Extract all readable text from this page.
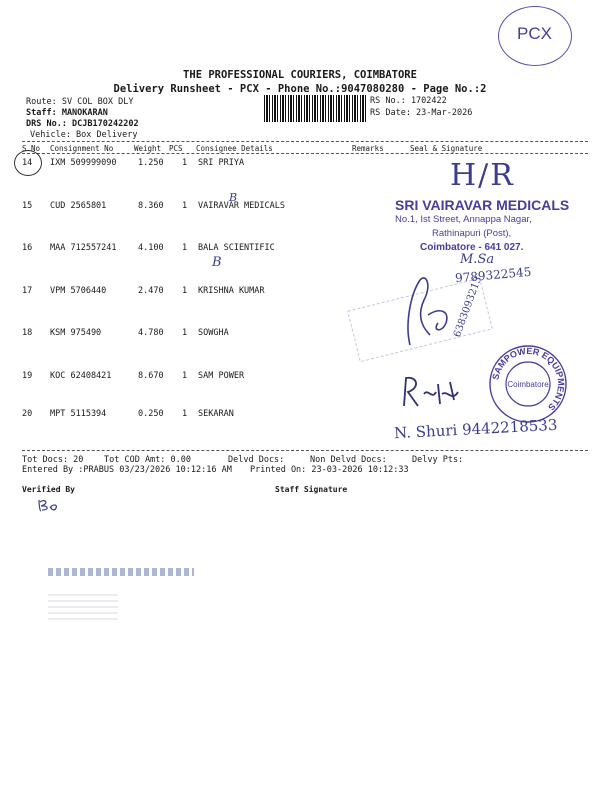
PCX
THE PROFESSIONAL COURIERS, COIMBATORE
Delivery Runsheet - PCX - Phone No.:9047080280 - Page No.:2
Route: SV COL BOX DLY
Staff: MANOKARAN
DRS No.: DCJB170242202
Vehicle: Box Delivery
RS No.: 1702422
RS Date: 23-Mar-2026
S.No Consignment No	Weight PCS Consignee Details	Remarks	Seal & Signature
14 IXM 509999090	1.250 1 SRI PRIYA
15 CUD 2565801	8.360 1 VAIRAVAR MEDICALS
16 MAA 712557241	4.100 1 BALA SCIENTIFIC
17 VPM 5706440	2.470 1 KRISHNA KUMAR
18 KSM 975490	4.780 1 SOWGHA
19 KOC 62408421	8.670 1 SAM POWER
20 MPT 5115394	0.250 1 SEKARAN
B
B
Tot Docs: 20 Tot COD Amt: 0.00	Delvd Docs:	Non Delvd Docs:	Delvy Pts:
Entered By :PRABUS 03/23/2026 10:12:16 AM Printed On: 23-03-2026 10:12:33
Verified By	Staff Signature
H/R
SRI VAIRAVAR MEDICALS
No.1, Ist Street, Annappa Nagar,
Rathinapuri (Post),
Coimbatore - 641 027.
M.Sa
9789322545
6383093213
SAMPOWER EQUIPMENTS
Coimbatore
N. Shuri 9442218533
